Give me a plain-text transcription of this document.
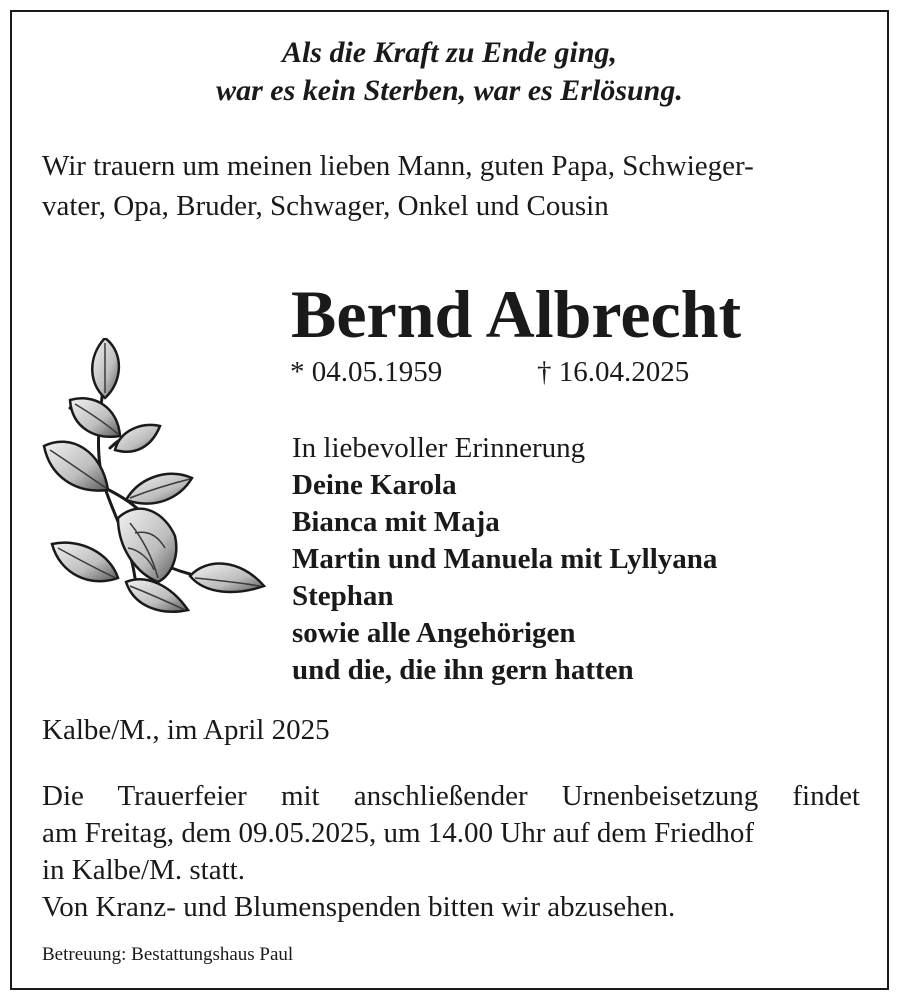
Als die Kraft zu Ende ging,
war es kein Sterben, war es Erlösung.
Wir trauern um meinen lieben Mann, guten Papa, Schwieger-
vater, Opa, Bruder, Schwager, Onkel und Cousin
Bernd Albrecht
* 04.05.1959	† 16.04.2025
In liebevoller Erinnerung
Deine Karola
Bianca mit Maja
Martin und Manuela mit Lyllyana
Stephan
sowie alle Angehörigen
und die, die ihn gern hatten
Kalbe/M., im April 2025
Die Trauerfeier mit anschließender Urnenbeisetzung findet
am Freitag, dem 09.05.2025, um 14.00 Uhr auf dem Friedhof
in Kalbe/M. statt.
Von Kranz- und Blumenspenden bitten wir abzusehen.
Betreuung: Bestattungshaus Paul
